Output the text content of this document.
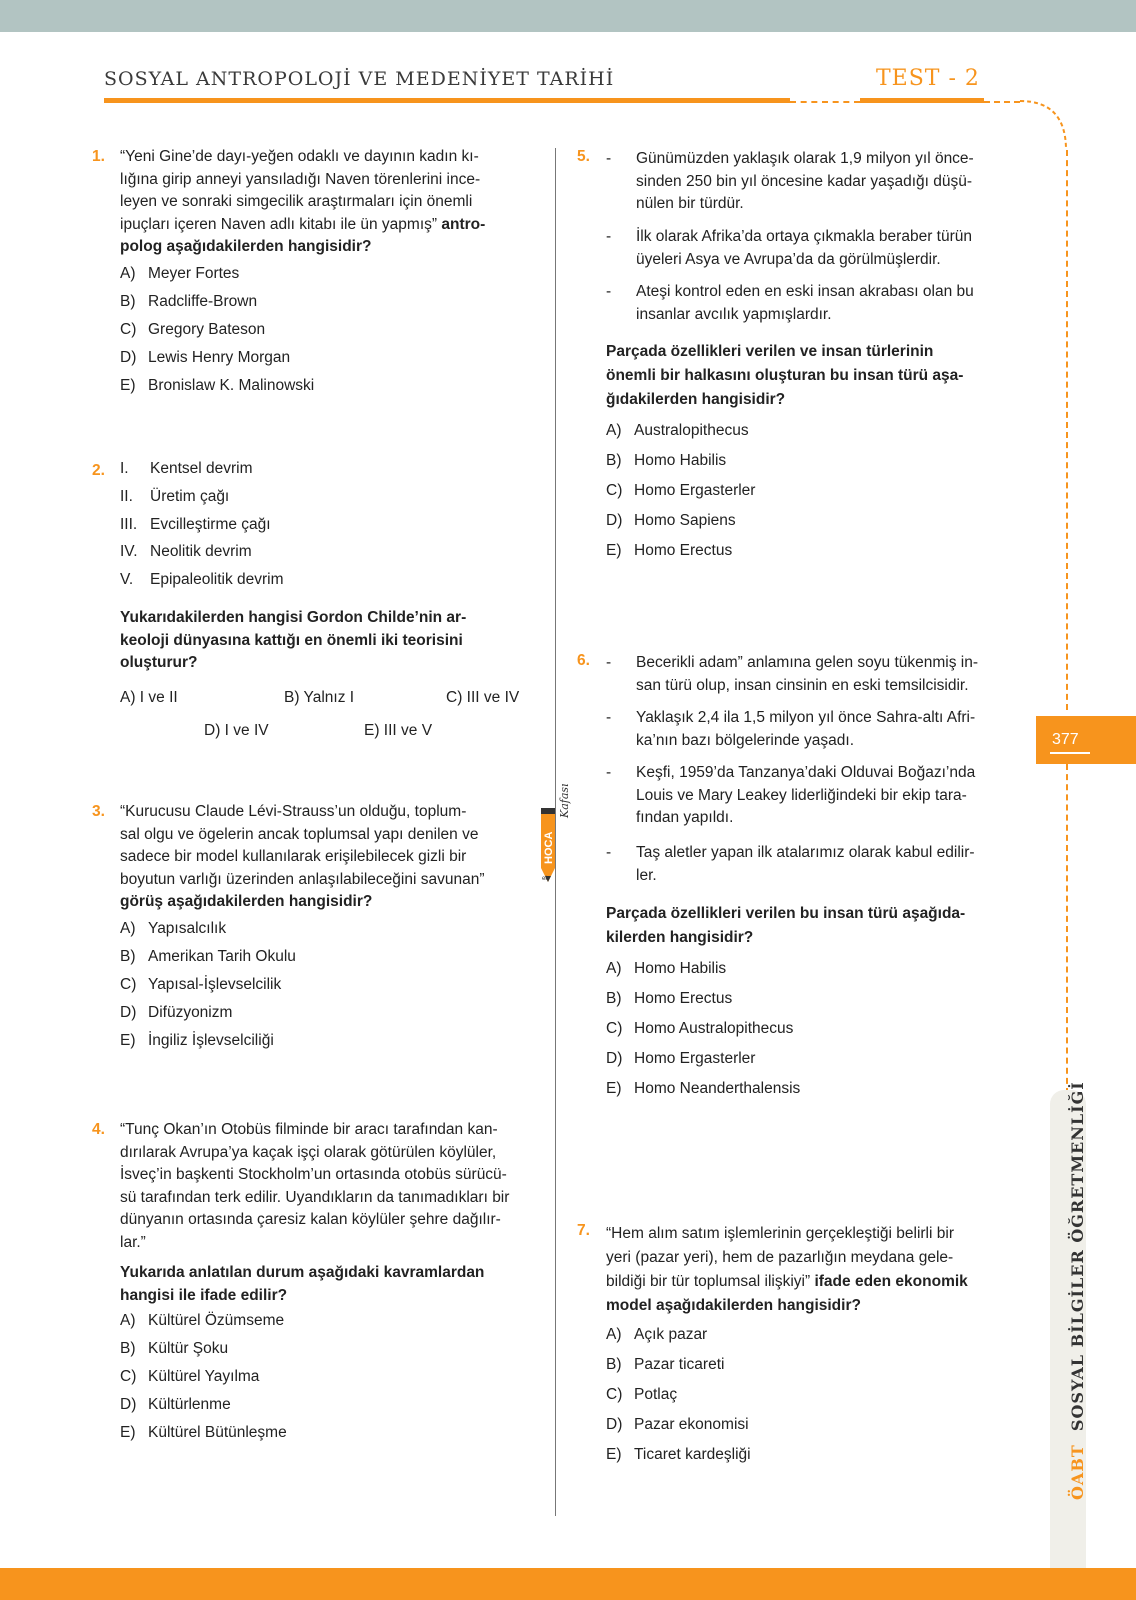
SOSYAL ANTROPOLOJİ VE MEDENİYET TARİHİ	TEST - 2
377
ÖABT  SOSYAL BİLGİLER ÖĞRETMENLİĞİ
HOCA
Kafası
ek
1. “Yeni Gine’de dayı-yeğen odaklı ve dayının kadın kı-
lığına girip anneyi yansıladığı Naven törenlerini ince-
leyen ve sonraki simgecilik araştırmaları için önemli
ipuçları içeren Naven adlı kitabı ile ün yapmış” antro-
polog aşağıdakilerden hangisidir?
A) Meyer Fortes
B) Radcliffe-Brown
C) Gregory Bateson
D) Lewis Henry Morgan
E) Bronislaw K. Malinowski
2. I. Kentsel devrim
II. Üretim çağı
III. Evcilleştirme çağı
IV. Neolitik devrim
V. Epipaleolitik devrim
Yukarıdakilerden hangisi Gordon Childe’nin ar-
keoloji dünyasına kattığı en önemli iki teorisini
oluşturur?
A) I ve II	B) Yalnız I	C) III ve IV
D) I ve IV	E) III ve V
3. “Kurucusu Claude Lévi-Strauss’un olduğu, toplum-
sal olgu ve ögelerin ancak toplumsal yapı denilen ve
sadece bir model kullanılarak erişilebilecek gizli bir
boyutun varlığı üzerinden anlaşılabileceğini savunan”
görüş aşağıdakilerden hangisidir?
A) Yapısalcılık
B) Amerikan Tarih Okulu
C) Yapısal-İşlevselcilik
D) Difüzyonizm
E) İngiliz İşlevselciliği
4. “Tunç Okan’ın Otobüs filminde bir aracı tarafından kan-
dırılarak Avrupa’ya kaçak işçi olarak götürülen köylüler,
İsveç’in başkenti Stockholm’un ortasında otobüs sürücü-
sü tarafından terk edilir. Uyandıkların da tanımadıkları bir
dünyanın ortasında çaresiz kalan köylüler şehre dağılır-
lar.”
Yukarıda anlatılan durum aşağıdaki kavramlardan
hangisi ile ifade edilir?
A) Kültürel Özümseme
B) Kültür Şoku
C) Kültürel Yayılma
D) Kültürlenme
E) Kültürel Bütünleşme
5. - Günümüzden yaklaşık olarak 1,9 milyon yıl önce-
sinden 250 bin yıl öncesine kadar yaşadığı düşü-
nülen bir türdür.
- İlk olarak Afrika’da ortaya çıkmakla beraber türün
üyeleri Asya ve Avrupa’da da görülmüşlerdir.
- Ateşi kontrol eden en eski insan akrabası olan bu
insanlar avcılık yapmışlardır.
Parçada özellikleri verilen ve insan türlerinin
önemli bir halkasını oluşturan bu insan türü aşa-
ğıdakilerden hangisidir?
A) Australopithecus
B) Homo Habilis
C) Homo Ergasterler
D) Homo Sapiens
E) Homo Erectus
6. - Becerikli adam” anlamına gelen soyu tükenmiş in-
san türü olup, insan cinsinin en eski temsilcisidir.
- Yaklaşık 2,4 ila 1,5 milyon yıl önce Sahra-altı Afri-
ka’nın bazı bölgelerinde yaşadı.
- Keşfi, 1959’da Tanzanya’daki Olduvai Boğazı’nda
Louis ve Mary Leakey liderliğindeki bir ekip tara-
fından yapıldı.
- Taş aletler yapan ilk atalarımız olarak kabul edilir-
ler.
Parçada özellikleri verilen bu insan türü aşağıda-
kilerden hangisidir?
A) Homo Habilis
B) Homo Erectus
C) Homo Australopithecus
D) Homo Ergasterler
E) Homo Neanderthalensis
7. “Hem alım satım işlemlerinin gerçekleştiği belirli bir
yeri (pazar yeri), hem de pazarlığın meydana gele-
bildiği bir tür toplumsal ilişkiyi” ifade eden ekonomik
model aşağıdakilerden hangisidir?
A) Açık pazar
B) Pazar ticareti
C) Potlaç
D) Pazar ekonomisi
E) Ticaret kardeşliği
